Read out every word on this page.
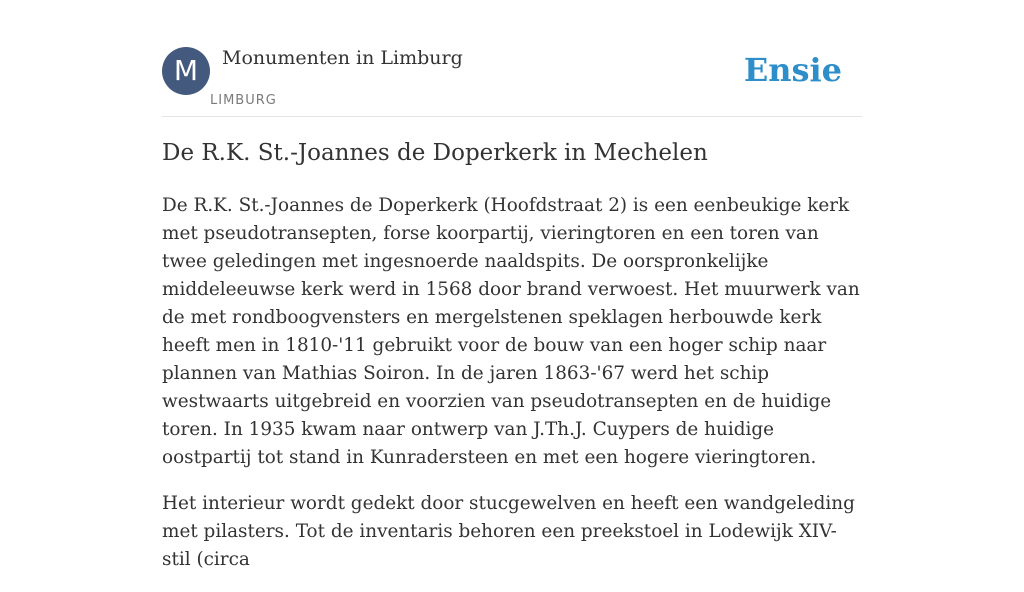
M	Monumenten in Limburg
LIMBURG
Ensie
De R.K. St.-Joannes de Doperkerk in Mechelen

De R.K. St.-Joannes de Doperkerk (Hoofdstraat 2) is een eenbeukige kerk met pseudotransepten, forse koorpartij, vieringtoren en een toren van twee geledingen met ingesnoerde naaldspits. De oorspronkelijke middeleeuwse kerk werd in 1568 door brand verwoest. Het muurwerk van de met rondboogvensters en mergelstenen speklagen herbouwde kerk heeft men in 1810-'11 gebruikt voor de bouw van een hoger schip naar plannen van Mathias Soiron. In de jaren 1863-'67 werd het schip westwaarts uitgebreid en voorzien van pseudotransepten en de huidige toren. In 1935 kwam naar ontwerp van J.Th.J. Cuypers de huidige oostpartij tot stand in Kunradersteen en met een hogere vieringtoren.

Het interieur wordt gedekt door stucgewelven en heeft een wandgeleding met pilasters. Tot de inventaris behoren een preekstoel in Lodewijk XIV-stil (circa
